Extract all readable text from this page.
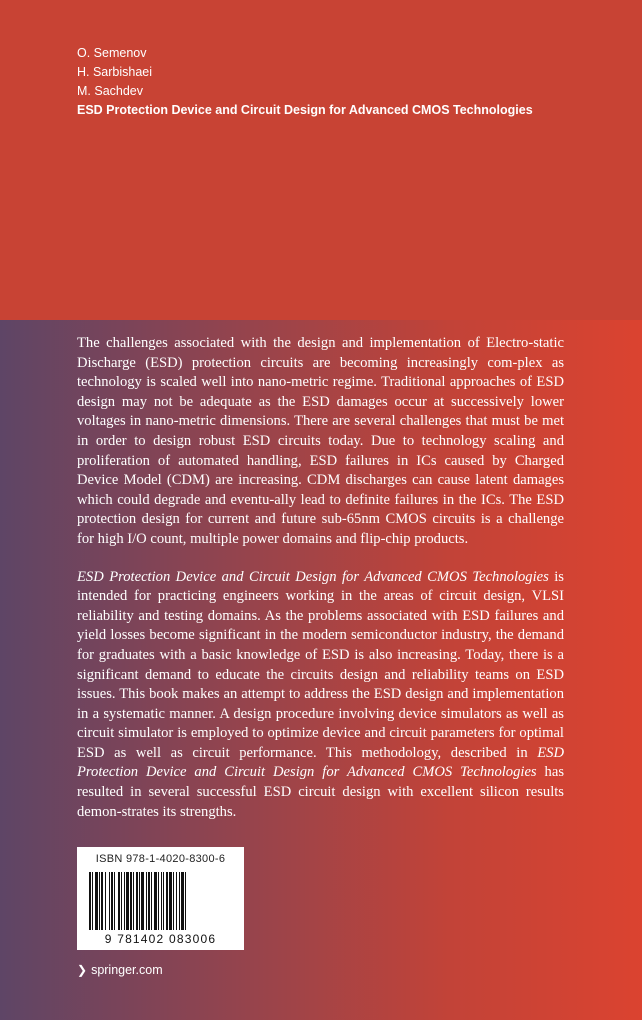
O. Semenov
H. Sarbishaei
M. Sachdev
ESD Protection Device and Circuit Design for Advanced CMOS Technologies

The challenges associated with the design and implementation of Electro-static Discharge (ESD) protection circuits are becoming increasingly com-plex as technology is scaled well into nano-metric regime. Traditional approaches of ESD design may not be adequate as the ESD damages occur at successively lower voltages in nano-metric dimensions. There are several challenges that must be met in order to design robust ESD circuits today. Due to technology scaling and proliferation of automated handling, ESD failures in ICs caused by Charged Device Model (CDM) are increasing. CDM discharges can cause latent damages which could degrade and eventu-ally lead to definite failures in the ICs. The ESD protection design for current and future sub-65nm CMOS circuits is a challenge for high I/O count, multiple power domains and flip-chip products.

ESD Protection Device and Circuit Design for Advanced CMOS Technologies is intended for practicing engineers working in the areas of circuit design, VLSI reliability and testing domains. As the problems associated with ESD failures and yield losses become significant in the modern semiconductor industry, the demand for graduates with a basic knowledge of ESD is also increasing. Today, there is a significant demand to educate the circuits design and reliability teams on ESD issues. This book makes an attempt to address the ESD design and implementation in a systematic manner. A design procedure involving device simulators as well as circuit simulator is employed to optimize device and circuit parameters for optimal ESD as well as circuit performance. This methodology, described in ESD Protection Device and Circuit Design for Advanced CMOS Technologies has resulted in several successful ESD circuit design with excellent silicon results demon-strates its strengths.

ISBN 978-1-4020-8300-6
9 781402 083006
❯ springer.com
